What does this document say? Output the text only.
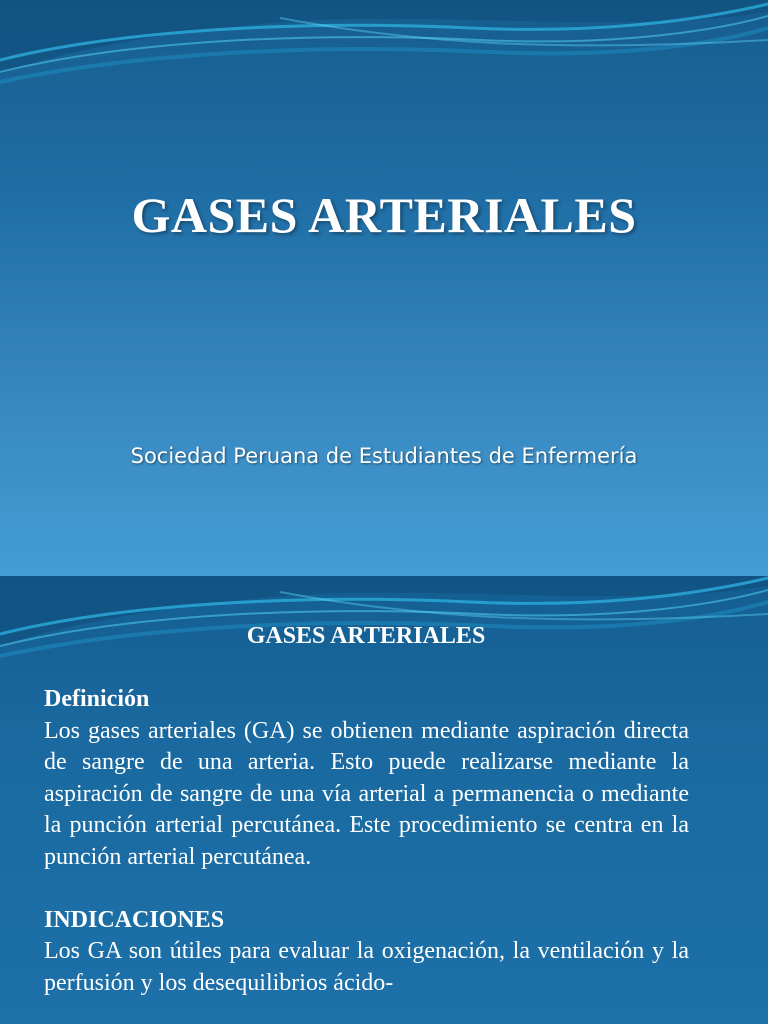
GASES ARTERIALES
Sociedad Peruana de Estudiantes de Enfermería
GASES ARTERIALES
Definición

Los gases arteriales (GA) se obtienen mediante aspiración directa de sangre de una arteria. Esto puede realizarse mediante la aspiración de sangre de una vía arterial a permanencia o mediante la punción arterial percutánea. Este procedimiento se centra en la punción arterial percutánea.

INDICACIONES

Los GA son útiles para evaluar la oxigenación, la ventilación y la perfusión y los desequilibrios ácido-
